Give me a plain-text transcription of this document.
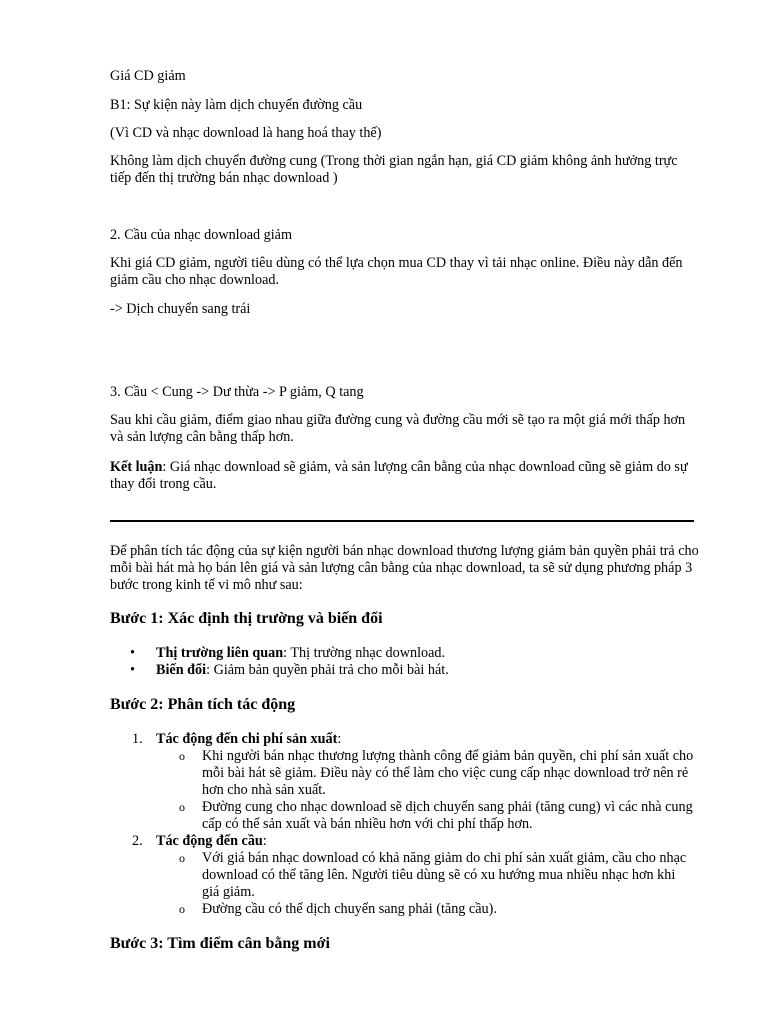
Giá CD giảm

B1: Sự kiện này làm dịch chuyển đường cầu

(Vì CD và nhạc download là hang hoá thay thế)

Không làm dịch chuyển đường cung (Trong thời gian ngắn hạn, giá CD giảm không ảnh hưởng trực tiếp đến thị trường bán nhạc download )

2. Cầu của nhạc download giảm

Khi giá CD giảm, người tiêu dùng có thể lựa chọn mua CD thay vì tải nhạc online. Điều này dẫn đến giảm cầu cho nhạc download.

-> Dịch chuyển sang trái

3. Cầu < Cung -> Dư thừa -> P giảm, Q tang

Sau khi cầu giảm, điểm giao nhau giữa đường cung và đường cầu mới sẽ tạo ra một giá mới thấp hơn và sản lượng cân bằng thấp hơn.

Kết luận: Giá nhạc download sẽ giảm, và sản lượng cân bằng của nhạc download cũng sẽ giảm do sự thay đổi trong cầu.

Để phân tích tác động của sự kiện người bán nhạc download thương lượng giảm bản quyền phải trả cho mỗi bài hát mà họ bán lên giá và sản lượng cân bằng của nhạc download, ta sẽ sử dụng phương pháp 3 bước trong kinh tế vi mô như sau:

Bước 1: Xác định thị trường và biến đổi
• Thị trường liên quan: Thị trường nhạc download.
• Biến đổi: Giảm bản quyền phải trả cho mỗi bài hát.
Bước 2: Phân tích tác động
1. Tác động đến chi phí sản xuất:
o Khi người bán nhạc thương lượng thành công để giảm bản quyền, chi phí sản xuất cho mỗi bài hát sẽ giảm. Điều này có thể làm cho việc cung cấp nhạc download trở nên rẻ hơn cho nhà sản xuất.
o Đường cung cho nhạc download sẽ dịch chuyển sang phải (tăng cung) vì các nhà cung cấp có thể sản xuất và bán nhiều hơn với chi phí thấp hơn.
2. Tác động đến cầu:
o Với giá bán nhạc download có khả năng giảm do chi phí sản xuất giảm, cầu cho nhạc download có thể tăng lên. Người tiêu dùng sẽ có xu hướng mua nhiều nhạc hơn khi giá giảm.
o Đường cầu có thể dịch chuyển sang phải (tăng cầu).
Bước 3: Tìm điểm cân bằng mới
